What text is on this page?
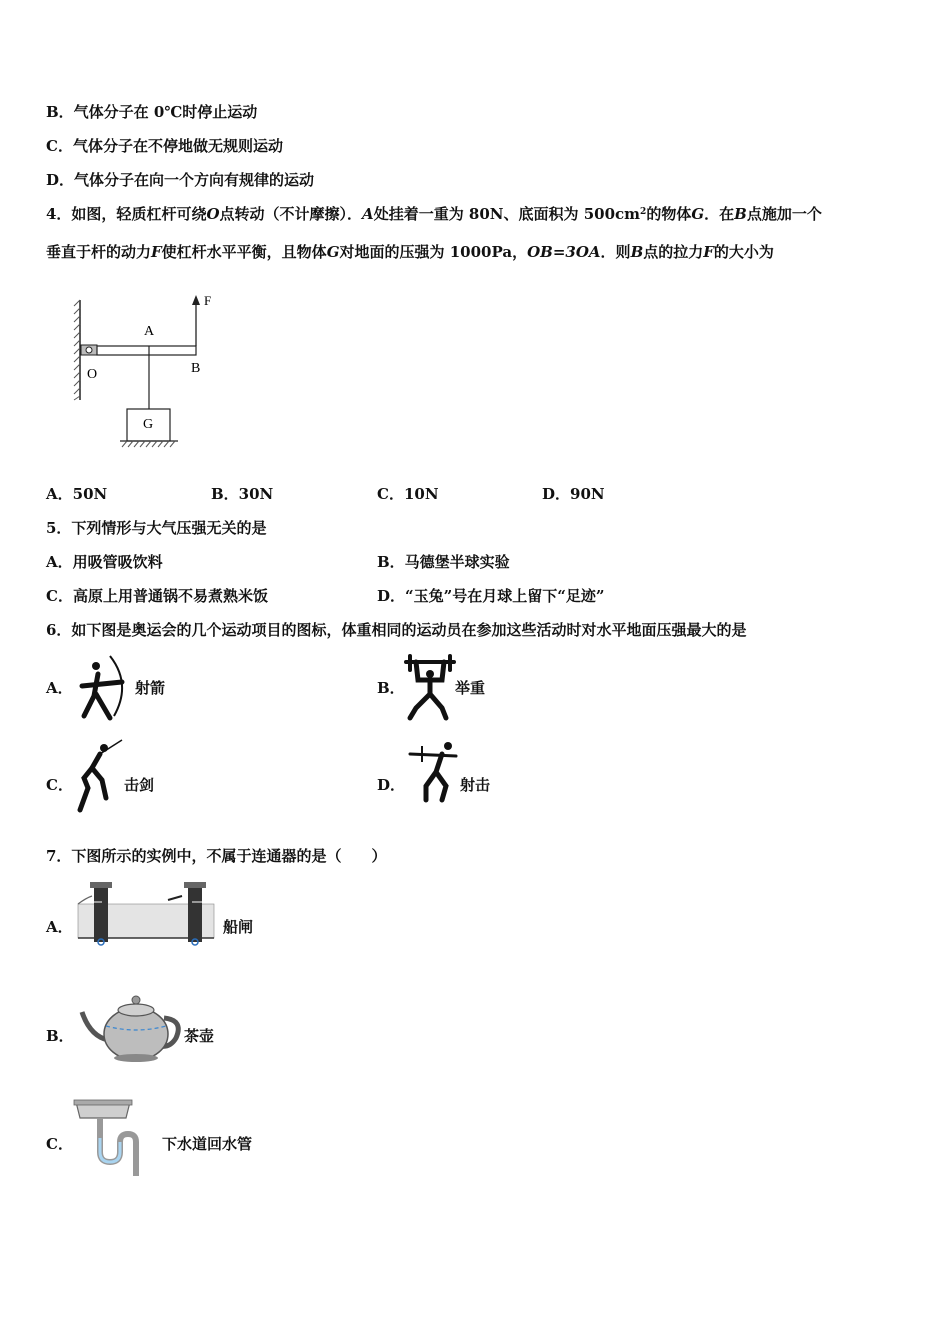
B．气体分子在 0℃时停止运动
C．气体分子在不停地做无规则运动
D．气体分子在向一个方向有规律的运动
4．如图，轻质杠杆可绕O点转动（不计摩擦）．A处挂着一重为 80N、底面积为 $500cm^2$的物体G．在B点施加一个
垂直于杆的动力F使杠杆水平平衡，且物体G对地面的压强为 1000Pa，OB=3OA．则B点的拉力F的大小为
F
A
O	B
G
A．50N	B．30N	C．10N	D．90N
5．下列情形与大气压强无关的是
A．用吸管吸饮料	B．马德堡半球实验
C．高原上用普通锅不易煮熟米饭	D．“玉兔”号在月球上留下“足迹”
6．如下图是奥运会的几个运动项目的图标，体重相同的运动员在参加这些活动时对水平地面压强最大的是
A．	射箭	B．	举重
C．	击剑	D．	射击
7．下图所示的实例中，不属于连通器的是（　　）
A．	船闸
B．	茶壶
C．	下水道回水管
